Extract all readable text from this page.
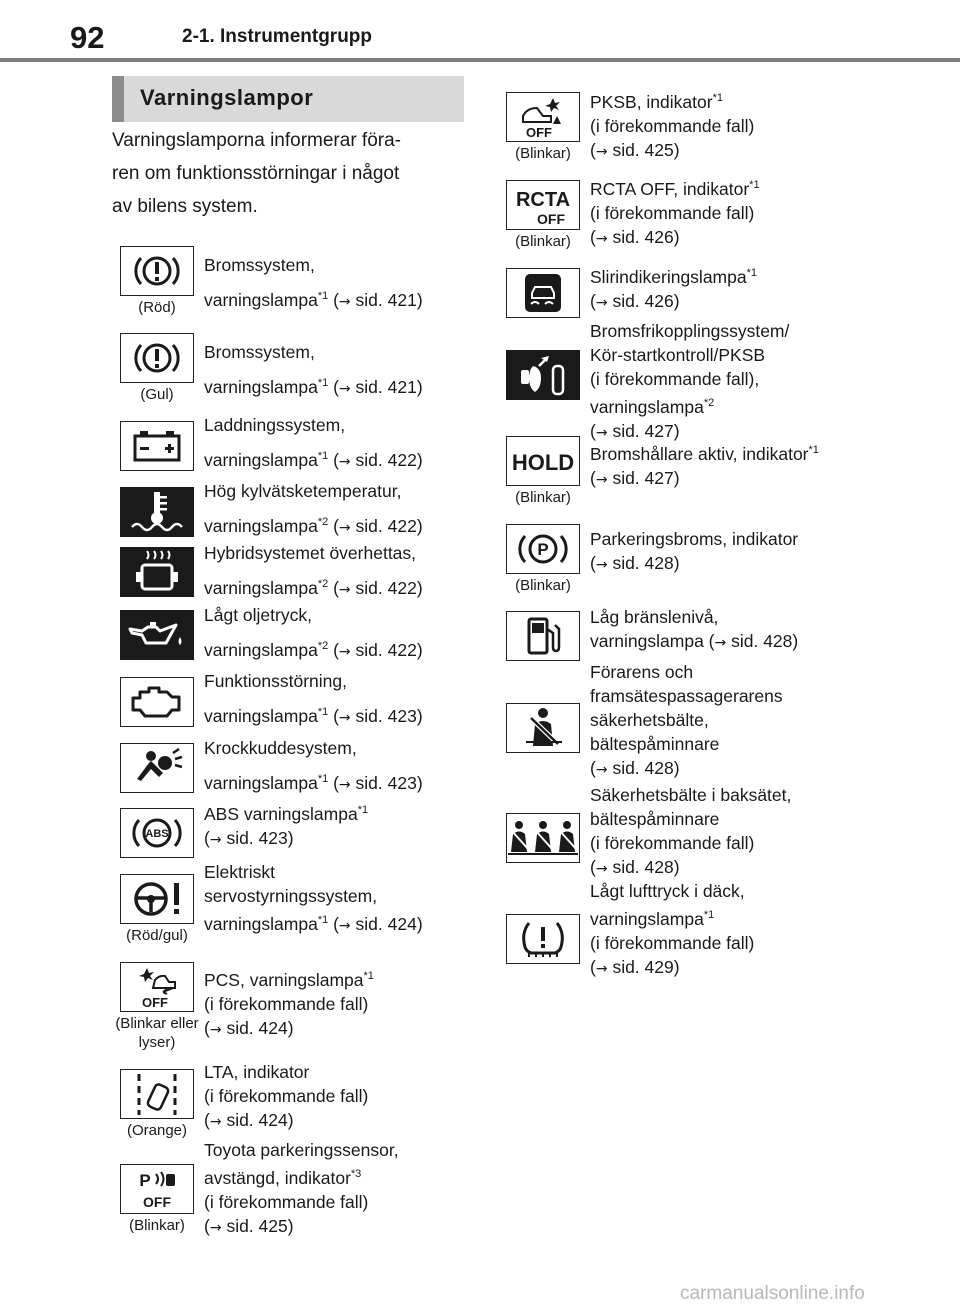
92	2-1. Instrumentgrupp
Varningslampor
Varningslamporna informerar föra-
ren om funktionsstörningar i något
av bilens system.
(Röd)
Bromssystem,
varningslampa$^{*1}$ (→ sid. 421)
(Gul)
Bromssystem,
varningslampa$^{*1}$ (→ sid. 421)
Laddningssystem,
varningslampa$^{*1}$ (→ sid. 422)
Hög kylvätsketemperatur,
varningslampa$^{*2}$ (→ sid. 422)
Hybridsystemet överhettas,
varningslampa$^{*2}$ (→ sid. 422)
Lågt oljetryck,
varningslampa$^{*2}$ (→ sid. 422)
Funktionsstörning,
varningslampa$^{*1}$ (→ sid. 423)
Krockkuddesystem,
varningslampa$^{*1}$ (→ sid. 423)
ABS
ABS varningslampa$^{*1}$
(→ sid. 423)
(Röd/gul)
Elektriskt
servostyrningssystem,
varningslampa$^{*1}$ (→ sid. 424)
OFF
(Blinkar eller lyser)
PCS, varningslampa$^{*1}$
(i förekommande fall)
(→ sid. 424)
(Orange)
LTA, indikator
(i förekommande fall)
(→ sid. 424)
P
OFF
(Blinkar)
Toyota parkeringssensor,
avstängd, indikator$^{*3}$
(i förekommande fall)
(→ sid. 425)
OFF
(Blinkar)
PKSB, indikator$^{*1}$
(i förekommande fall)
(→ sid. 425)
RCTA
OFF
(Blinkar)
RCTA OFF, indikator$^{*1}$
(i förekommande fall)
(→ sid. 426)
Slirindikeringslampa$^{*1}$
(→ sid. 426)
Bromsfrikopplingssystem/
Kör-startkontroll/PKSB
(i förekommande fall),
varningslampa$^{*2}$
(→ sid. 427)
HOLD
(Blinkar)
Bromshållare aktiv, indikator$^{*1}$
(→ sid. 427)
P
(Blinkar)
Parkeringsbroms, indikator
(→ sid. 428)
Låg bränslenivå,
varningslampa (→ sid. 428)
Förarens och
framsätespassagerarens
säkerhetsbälte,
bältespåminnare
(→ sid. 428)
Säkerhetsbälte i baksätet,
bältespåminnare
(i förekommande fall)
(→ sid. 428)
Lågt lufttryck i däck,
varningslampa$^{*1}$
(i förekommande fall)
(→ sid. 429)
carmanualsonline.info
